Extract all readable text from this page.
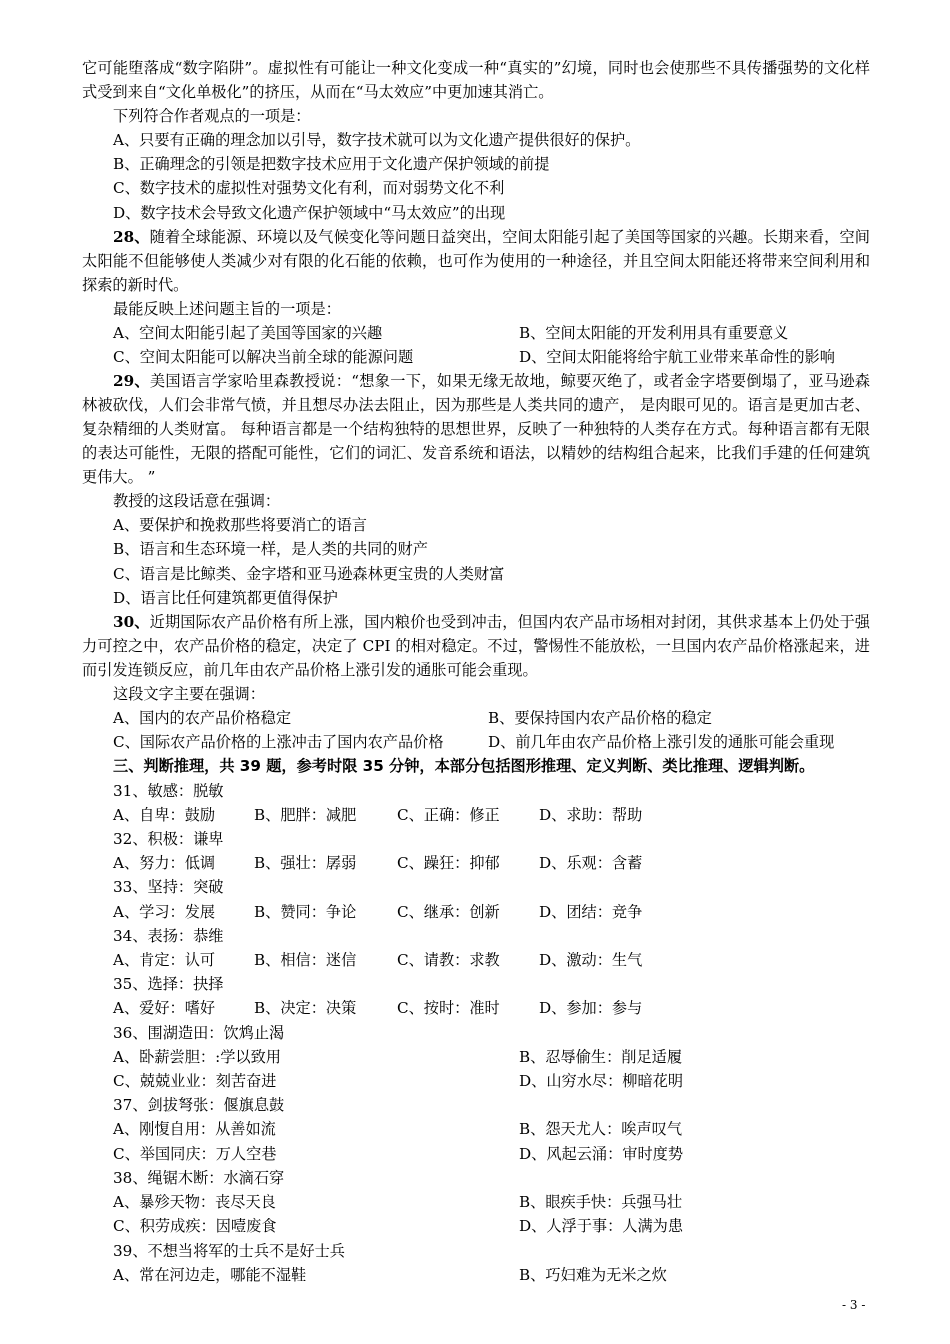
它可能堕落成“数字陷阱”。虚拟性有可能让一种文化变成一种“真实的”幻境，同时也会使那些不具传播强势的文化样式受到来自“文化单极化”的挤压，从而在“马太效应”中更加速其消亡。

下列符合作者观点的一项是：

A、只要有正确的理念加以引导，数字技术就可以为文化遗产提供很好的保护。
B、正确理念的引领是把数字技术应用于文化遗产保护领域的前提
C、数字技术的虚拟性对强势文化有利，而对弱势文化不利
D、数字技术会导致文化遗产保护领域中“马太效应”的出现

28、随着全球能源、环境以及气候变化等问题日益突出，空间太阳能引起了美国等国家的兴趣。长期来看，空间太阳能不但能够使人类减少对有限的化石能的依赖，也可作为使用的一种途径，并且空间太阳能还将带来空间利用和探索的新时代。

最能反映上述问题主旨的一项是：

A、空间太阳能引起了美国等国家的兴趣	B、空间太阳能的开发利用具有重要意义
C、空间太阳能可以解决当前全球的能源问题	D、空间太阳能将给宇航工业带来革命性的影响

29、美国语言学家哈里森教授说：“想象一下，如果无缘无故地，鲸要灭绝了，或者金字塔要倒塌了，亚马逊森林被砍伐，人们会非常气愤，并且想尽办法去阻止，因为那些是人类共同的遗产， 是肉眼可见的。语言是更加古老、复杂精细的人类财富。 每种语言都是一个结构独特的思想世界，反映了一种独特的人类存在方式。每种语言都有无限的表达可能性，无限的搭配可能性，它们的词汇、发音系统和语法，以精妙的结构组合起来，比我们手建的任何建筑更伟大。 ”

教授的这段话意在强调：

A、要保护和挽救那些将要消亡的语言
B、语言和生态环境一样，是人类的共同的财产
C、语言是比鲸类、金字塔和亚马逊森林更宝贵的人类财富
D、语言比任何建筑都更值得保护

30、近期国际农产品价格有所上涨，国内粮价也受到冲击，但国内农产品市场相对封闭，其供求基本上仍处于强力可控之中，农产品价格的稳定，决定了 CPI 的相对稳定。不过，警惕性不能放松，一旦国内农产品价格涨起来，进而引发连锁反应，前几年由农产品价格上涨引发的通胀可能会重现。

这段文字主要在强调：

A、国内的农产品价格稳定	B、要保持国内农产品价格的稳定
C、国际农产品价格的上涨冲击了国内农产品价格	D、前几年由农产品价格上涨引发的通胀可能会重现
三、判断推理，共 39 题，参考时限 35 分钟，本部分包括图形推理、定义判断、类比推理、逻辑判断。
31、敏感：脱敏
A、自卑：鼓励	B、肥胖：减肥	C、正确：修正	D、求助：帮助
32、积极：谦卑
A、努力：低调	B、强壮：孱弱	C、躁狂：抑郁	D、乐观：含蓄
33、坚持：突破
A、学习：发展	B、赞同：争论	C、继承：创新	D、团结：竞争
34、表扬：恭维
A、肯定：认可	B、相信：迷信	C、请教：求教	D、激动：生气
35、选择：抉择
A、爱好：嗜好	B、决定：决策	C、按时：准时	D、参加：参与
36、围湖造田：饮鸩止渴
A、卧薪尝胆：:学以致用	B、忍辱偷生：削足适履
C、兢兢业业：刻苦奋进	D、山穷水尽：柳暗花明
37、剑拔弩张：偃旗息鼓
A、刚愎自用：从善如流	B、怨天尤人：唉声叹气
C、举国同庆：万人空巷	D、风起云涌：审时度势
38、绳锯木断：水滴石穿
A、暴殄天物：丧尽天良	B、眼疾手快：兵强马壮
C、积劳成疾：因噎废食	D、人浮于事：人满为患
39、不想当将军的士兵不是好士兵
A、常在河边走，哪能不湿鞋	B、巧妇难为无米之炊
- 3 -
